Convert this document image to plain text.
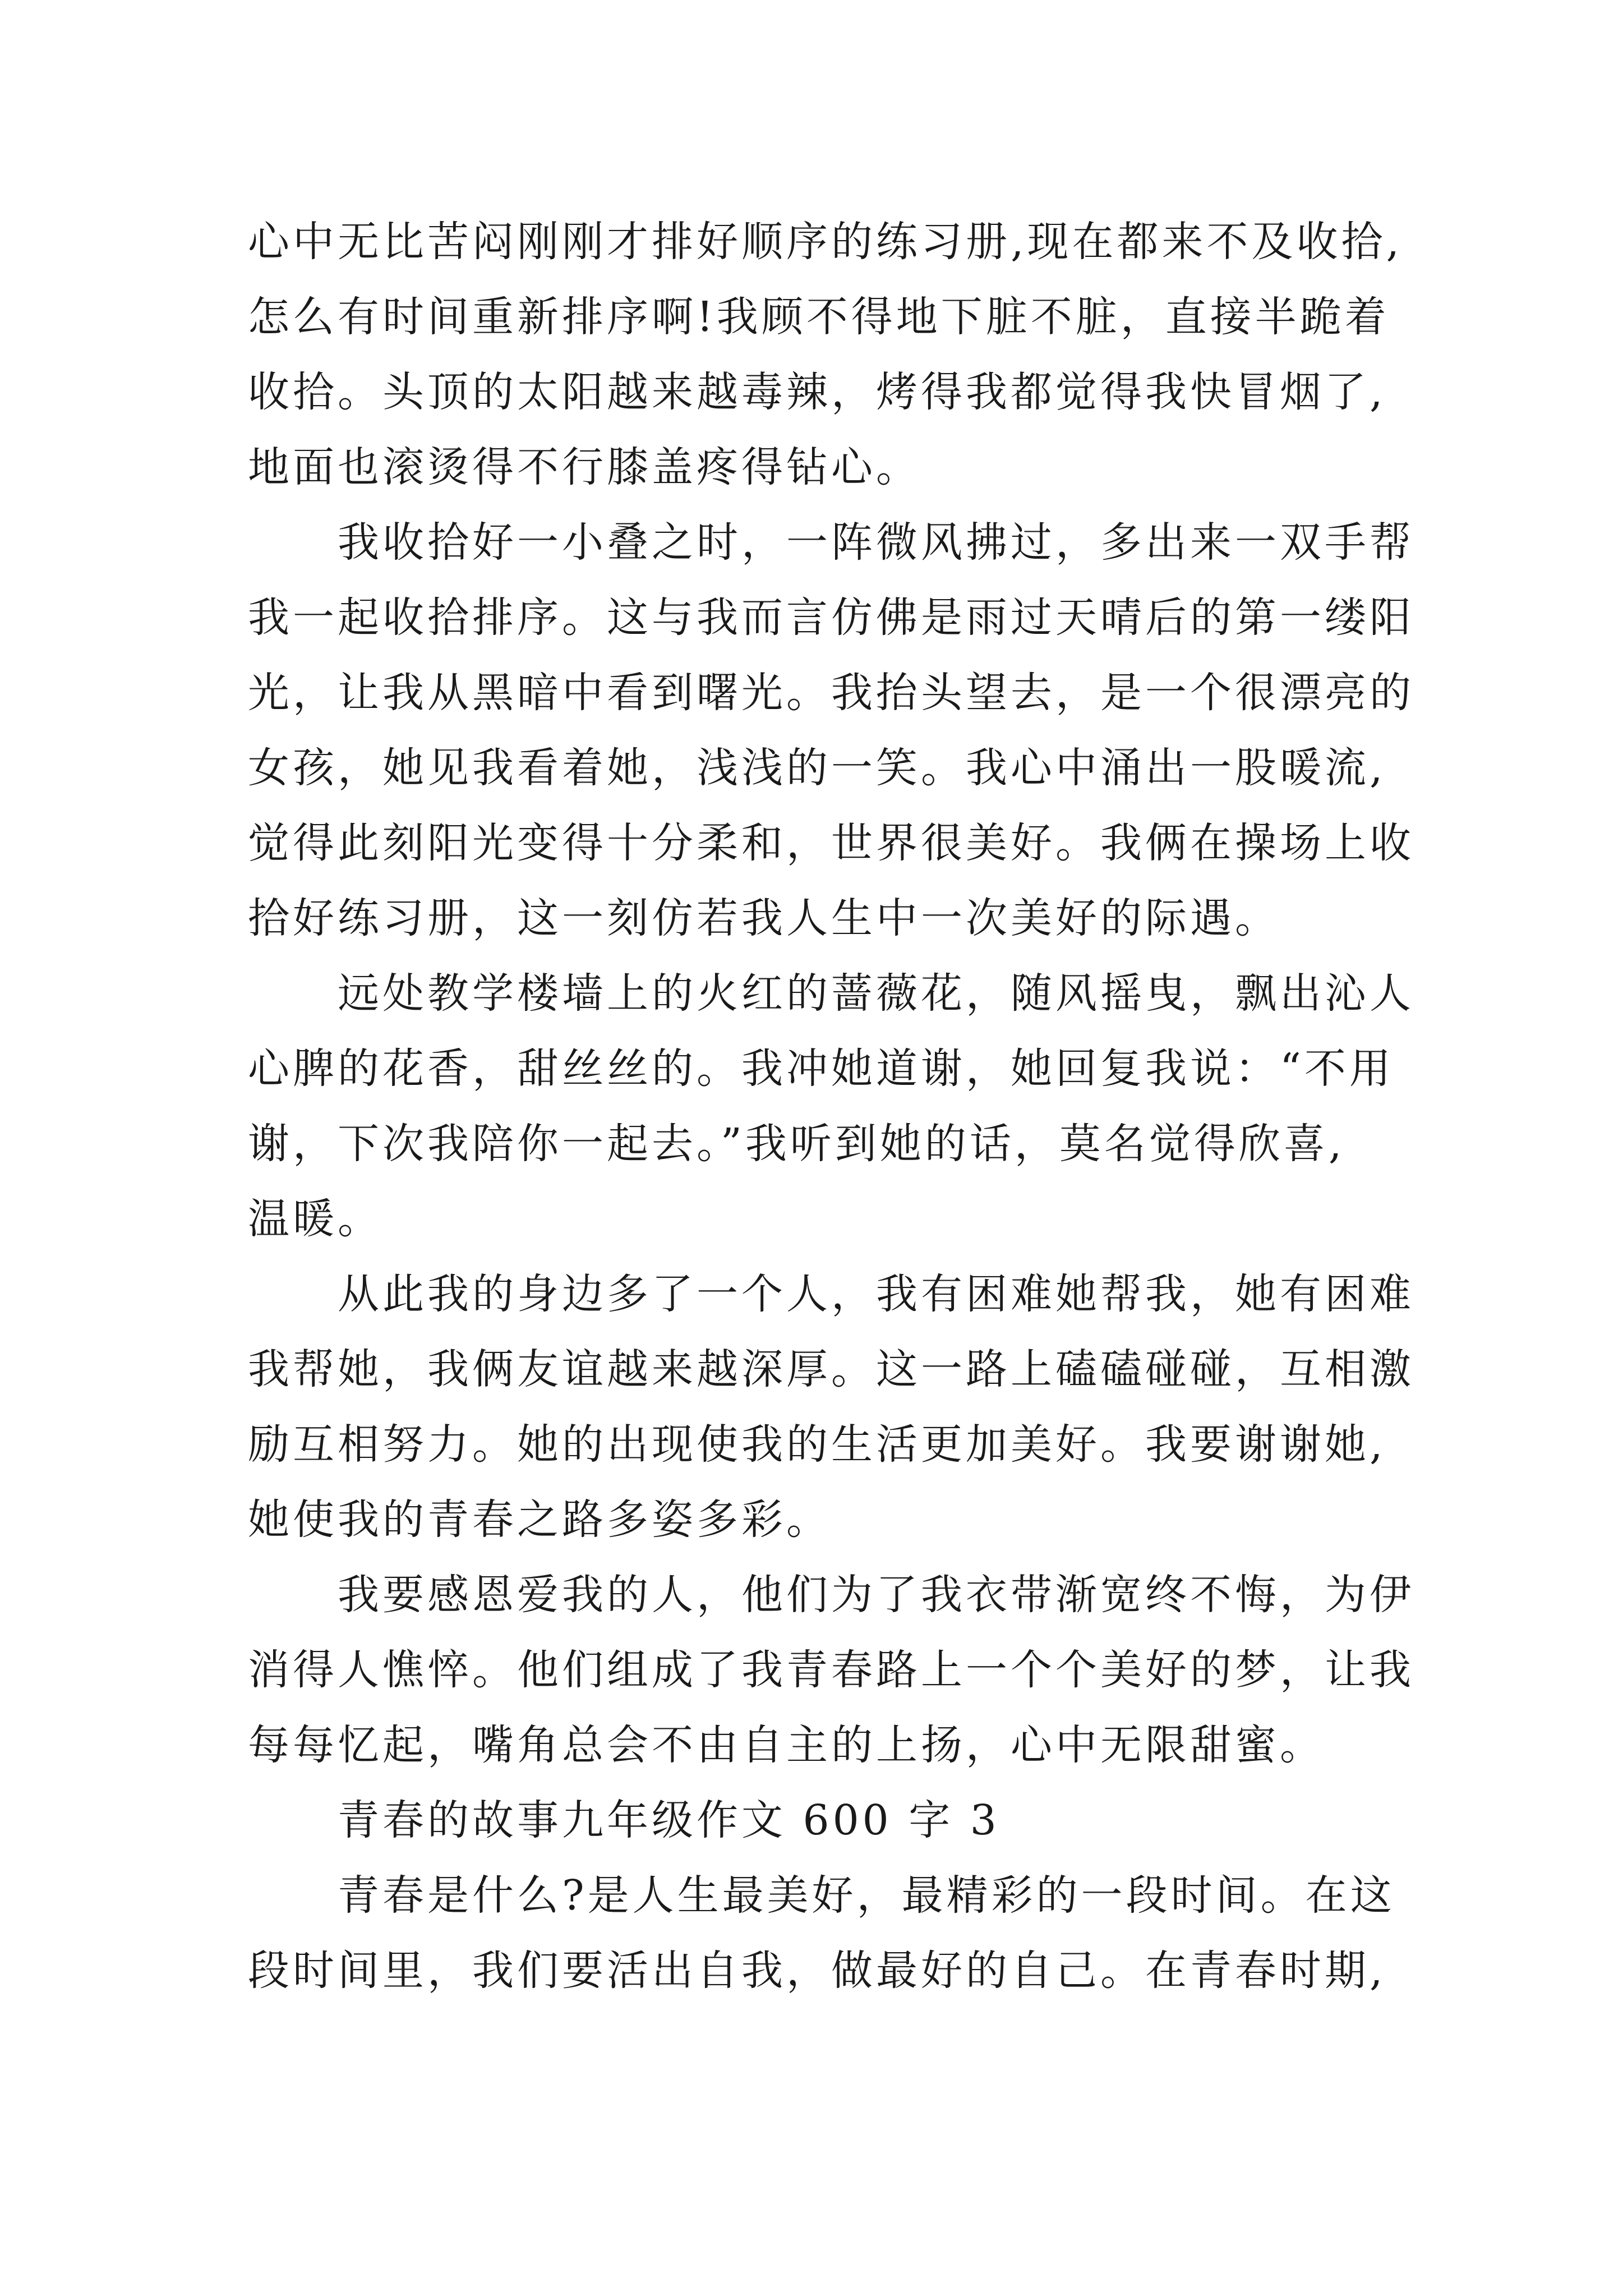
心中无比苦闷刚刚才排好顺序的练习册,现在都来不及收拾,
怎么有时间重新排序啊!我顾不得地下脏不脏，直接半跪着
收拾。头顶的太阳越来越毒辣，烤得我都觉得我快冒烟了,
地面也滚烫得不行膝盖疼得钻心。
我收拾好一小叠之时，一阵微风拂过，多出来一双手帮
我一起收拾排序。这与我而言仿佛是雨过天晴后的第一缕阳
光，让我从黑暗中看到曙光。我抬头望去，是一个很漂亮的
女孩，她见我看着她，浅浅的一笑。我心中涌出一股暖流,
觉得此刻阳光变得十分柔和，世界很美好。我俩在操场上收
拾好练习册，这一刻仿若我人生中一次美好的际遇。
远处教学楼墙上的火红的蔷薇花，随风摇曳，飘出沁人
心脾的花香，甜丝丝的。我冲她道谢，她回复我说：“不用
谢，下次我陪你一起去。”我听到她的话，莫名觉得欣喜,
温暖。
从此我的身边多了一个人，我有困难她帮我，她有困难
我帮她，我俩友谊越来越深厚。这一路上磕磕碰碰，互相激
励互相努力。她的出现使我的生活更加美好。我要谢谢她,
她使我的青春之路多姿多彩。
我要感恩爱我的人，他们为了我衣带渐宽终不悔，为伊
消得人憔悴。他们组成了我青春路上一个个美好的梦，让我
每每忆起，嘴角总会不由自主的上扬，心中无限甜蜜。
青春的故事九年级作文 600 字 3
青春是什么?是人生最美好，最精彩的一段时间。在这
段时间里，我们要活出自我，做最好的自己。在青春时期,
